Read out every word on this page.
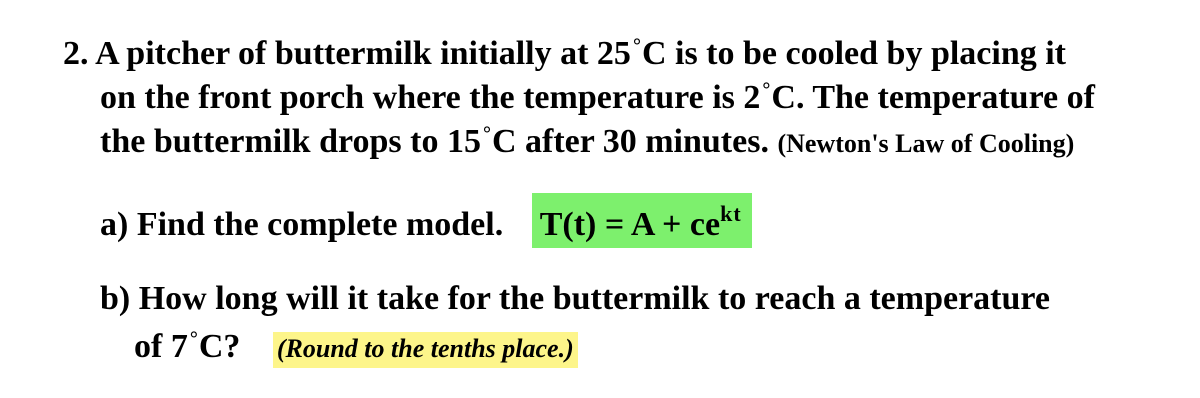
2. A pitcher of buttermilk initially at 25 °C is to be cooled by placing it
on the front porch where the temperature is 2 °C. The temperature of
the buttermilk drops to 15 °C after 30 minutes. (Newton's Law of Cooling)
a) Find the complete model. $T(t) = A + ce^{kt}$
b) How long will it take for the buttermilk to reach a temperature
of 7 °C? (Round to the tenths place.)
